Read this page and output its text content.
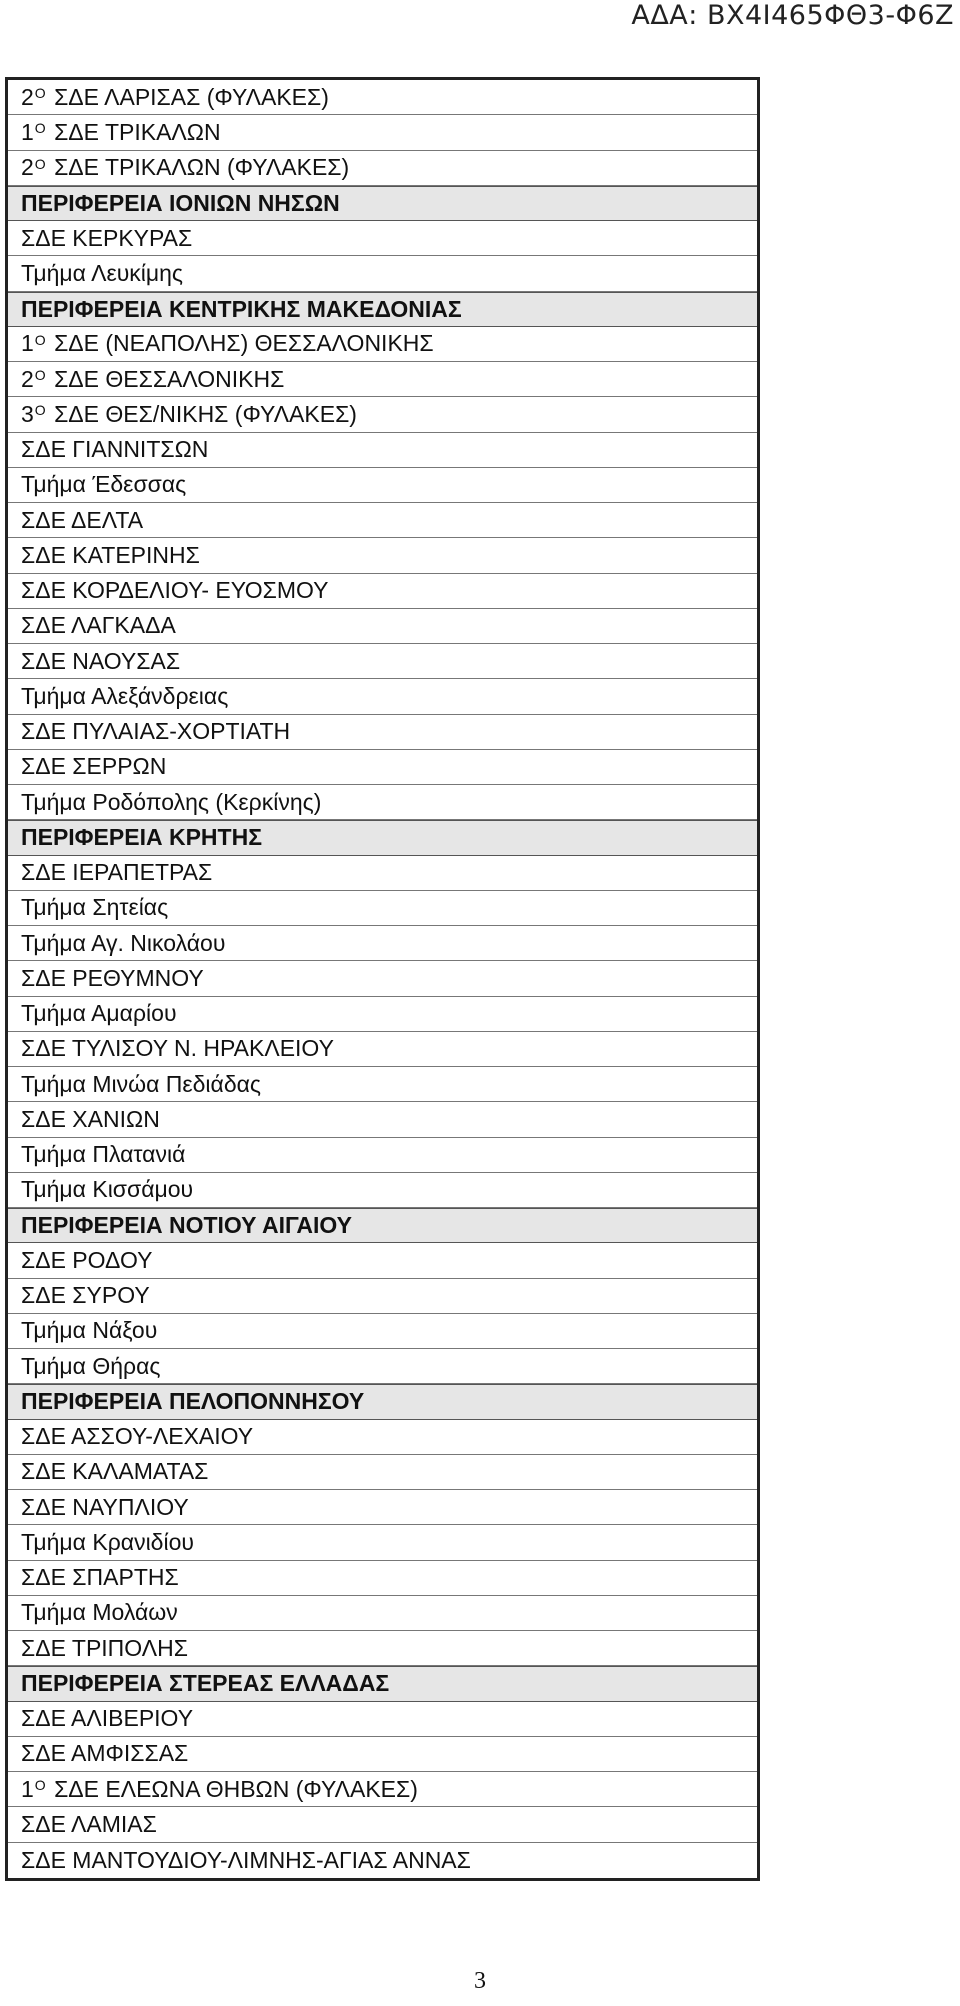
ΑΔΑ: ΒΧ4Ι465ΦΘ3-Φ6Ζ
$2^O$ ΣΔΕ ΛΑΡΙΣΑΣ (ΦΥΛΑΚΕΣ)
$1^O$ ΣΔΕ ΤΡΙΚΑΛΩΝ
$2^O$ ΣΔΕ ΤΡΙΚΑΛΩΝ (ΦΥΛΑΚΕΣ)
ΠΕΡΙΦΕΡΕΙΑ ΙΟΝΙΩΝ ΝΗΣΩΝ
ΣΔΕ ΚΕΡΚΥΡΑΣ
Τμήμα Λευκίμης
ΠΕΡΙΦΕΡΕΙΑ ΚΕΝΤΡΙΚΗΣ ΜΑΚΕΔΟΝΙΑΣ
$1^O$ ΣΔΕ (ΝΕΑΠΟΛΗΣ) ΘΕΣΣΑΛΟΝΙΚΗΣ
$2^O$ ΣΔΕ ΘΕΣΣΑΛΟΝΙΚΗΣ
$3^O$ ΣΔΕ ΘΕΣ/ΝΙΚΗΣ (ΦΥΛΑΚΕΣ)
ΣΔΕ ΓΙΑΝΝΙΤΣΩΝ
Τμήμα Έδεσσας
ΣΔΕ ΔΕΛΤΑ
ΣΔΕ ΚΑΤΕΡΙΝΗΣ
ΣΔΕ ΚΟΡΔΕΛΙΟΥ- ΕΥΟΣΜΟΥ
ΣΔΕ ΛΑΓΚΑΔΑ
ΣΔΕ ΝΑΟΥΣΑΣ
Τμήμα Αλεξάνδρειας
ΣΔΕ ΠΥΛΑΙΑΣ-ΧΟΡΤΙΑΤΗ
ΣΔΕ ΣΕΡΡΩΝ
Τμήμα Ροδόπολης (Κερκίνης)
ΠΕΡΙΦΕΡΕΙΑ ΚΡΗΤΗΣ
ΣΔΕ ΙΕΡΑΠΕΤΡΑΣ
Τμήμα Σητείας
Τμήμα Αγ. Νικολάου
ΣΔΕ ΡΕΘΥΜΝΟΥ
Τμήμα Αμαρίου
ΣΔΕ ΤΥΛΙΣΟΥ Ν. ΗΡΑΚΛΕΙΟΥ
Τμήμα Μινώα Πεδιάδας
ΣΔΕ ΧΑΝΙΩΝ
Τμήμα Πλατανιά
Τμήμα Κισσάμου
ΠΕΡΙΦΕΡΕΙΑ ΝΟΤΙΟΥ ΑΙΓΑΙΟΥ
ΣΔΕ ΡΟΔΟΥ
ΣΔΕ ΣΥΡΟΥ
Τμήμα Νάξου
Τμήμα Θήρας
ΠΕΡΙΦΕΡΕΙΑ ΠΕΛΟΠΟΝΝΗΣΟΥ
ΣΔΕ ΑΣΣΟΥ-ΛΕΧΑΙΟΥ
ΣΔΕ ΚΑΛΑΜΑΤΑΣ
ΣΔΕ ΝΑΥΠΛΙΟΥ
Τμήμα Κρανιδίου
ΣΔΕ ΣΠΑΡΤΗΣ
Τμήμα Μολάων
ΣΔΕ ΤΡΙΠΟΛΗΣ
ΠΕΡΙΦΕΡΕΙΑ ΣΤΕΡΕΑΣ ΕΛΛΑΔΑΣ
ΣΔΕ ΑΛΙΒΕΡΙΟΥ
ΣΔΕ ΑΜΦΙΣΣΑΣ
$1^O$ ΣΔΕ ΕΛΕΩΝΑ ΘΗΒΩΝ (ΦΥΛΑΚΕΣ)
ΣΔΕ ΛΑΜΙΑΣ
ΣΔΕ ΜΑΝΤΟΥΔΙΟΥ-ΛΙΜΝΗΣ-ΑΓΙΑΣ ΑΝΝΑΣ
3
